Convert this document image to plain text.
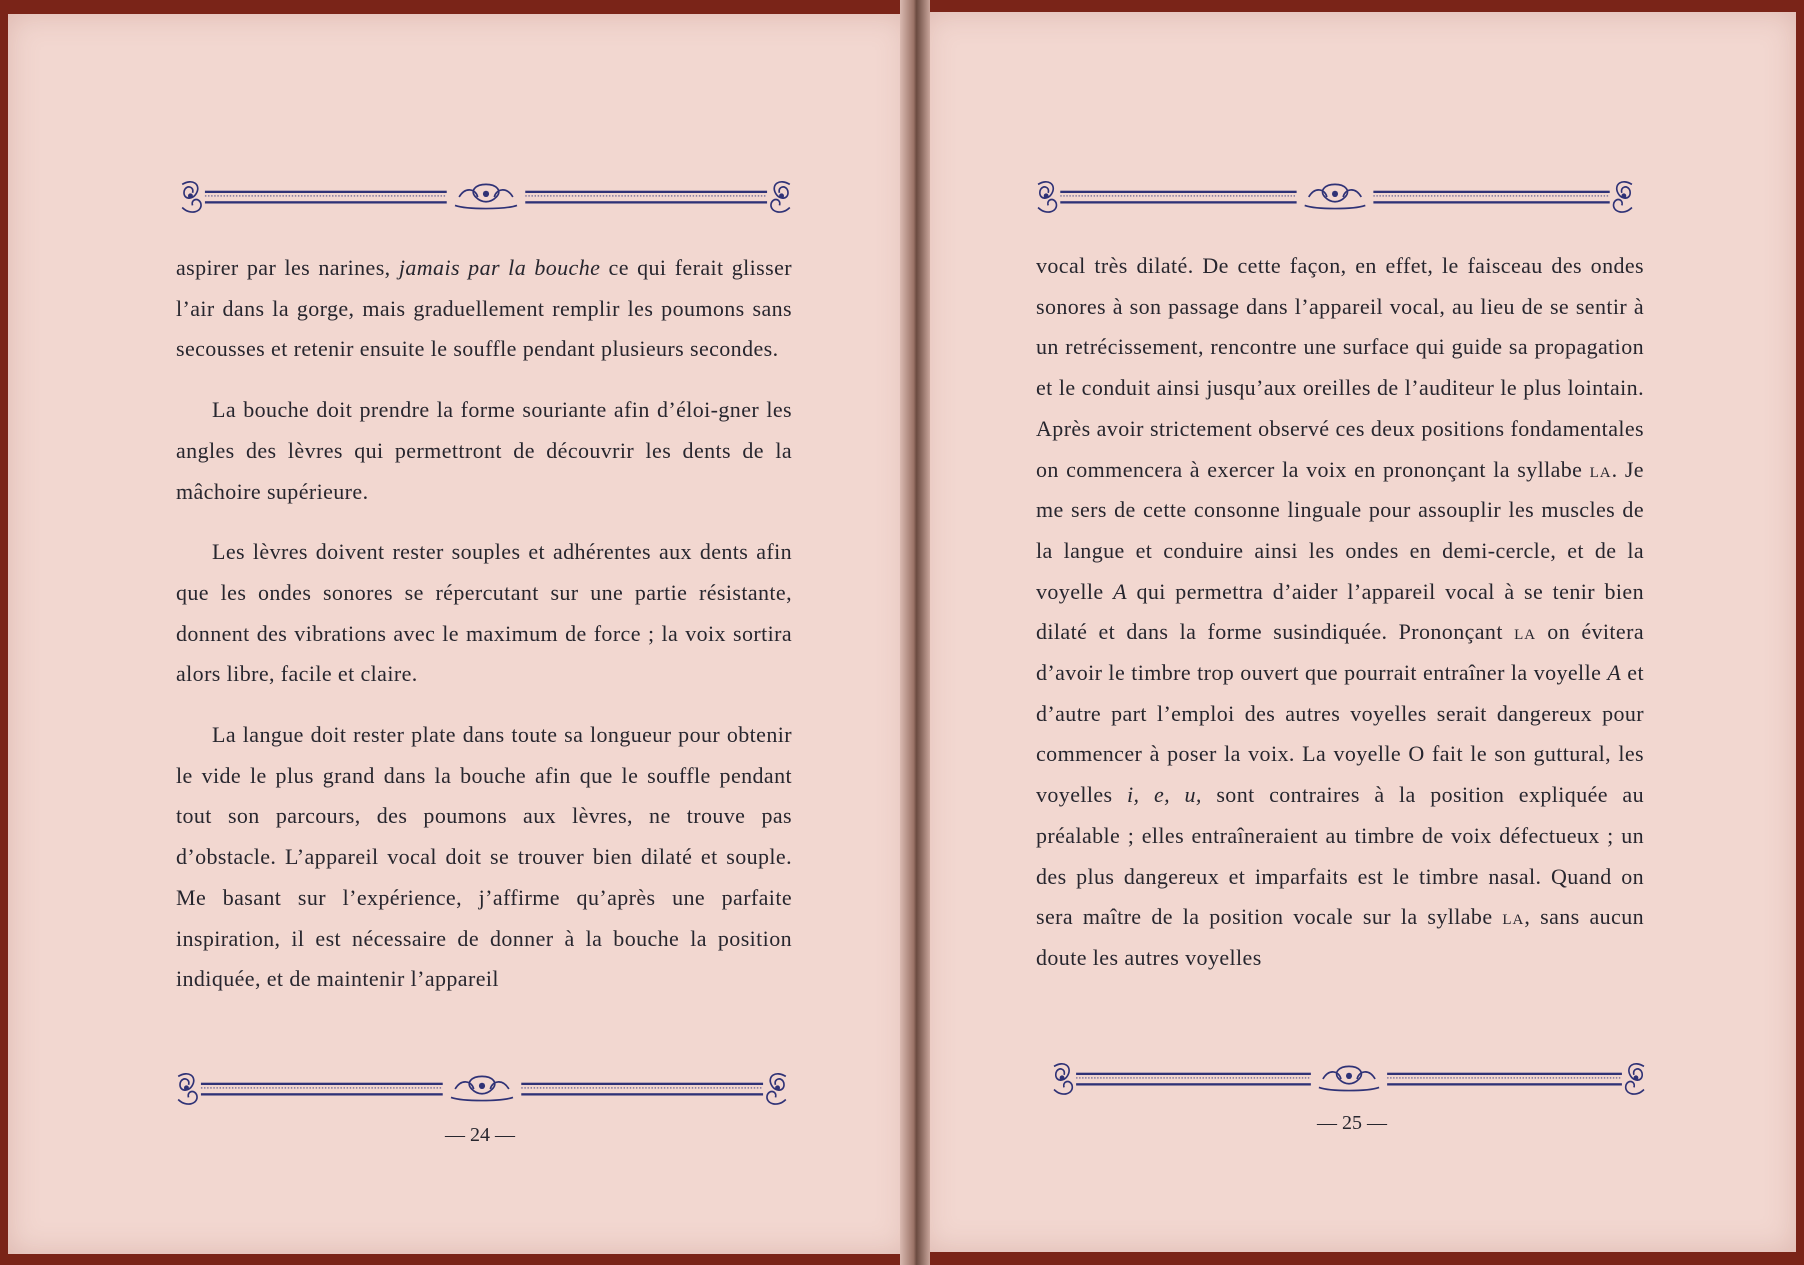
aspirer par les narines, jamais par la bouche ce qui ferait glisser l’air dans la gorge, mais graduellement remplir les poumons sans secousses et retenir ensuite le souffle pendant plusieurs secondes.

La bouche doit prendre la forme souriante afin d’éloi-gner les angles des lèvres qui permettront de découvrir les dents de la mâchoire supérieure.

Les lèvres doivent rester souples et adhérentes aux dents afin que les ondes sonores se répercutant sur une partie résistante, donnent des vibrations avec le maximum de force ; la voix sortira alors libre, facile et claire.

La langue doit rester plate dans toute sa longueur pour obtenir le vide le plus grand dans la bouche afin que le souffle pendant tout son parcours, des poumons aux lèvres, ne trouve pas d’obstacle. L’appareil vocal doit se trouver bien dilaté et souple. Me basant sur l’expérience, j’affirme qu’après une parfaite inspiration, il est nécessaire de donner à la bouche la position indiquée, et de maintenir l’appareil

— 24 —

vocal très dilaté. De cette façon, en effet, le faisceau des ondes sonores à son passage dans l’appareil vocal, au lieu de se sentir à un retrécissement, rencontre une surface qui guide sa propagation et le conduit ainsi jusqu’aux oreilles de l’auditeur le plus lointain. Après avoir strictement observé ces deux positions fondamentales on commencera à exercer la voix en prononçant la syllabe la. Je me sers de cette consonne linguale pour assouplir les muscles de la langue et conduire ainsi les ondes en demi-cercle, et de la voyelle A qui permettra d’aider l’appareil vocal à se tenir bien dilaté et dans la forme susindiquée. Prononçant la on évitera d’avoir le timbre trop ouvert que pourrait entraîner la voyelle A et d’autre part l’emploi des autres voyelles serait dangereux pour commencer à poser la voix. La voyelle O fait le son guttural, les voyelles i, e, u, sont contraires à la position expliquée au préalable ; elles entraîneraient au timbre de voix défectueux ; un des plus dangereux et imparfaits est le timbre nasal. Quand on sera maître de la position vocale sur la syllabe la, sans aucun doute les autres voyelles

— 25 —
